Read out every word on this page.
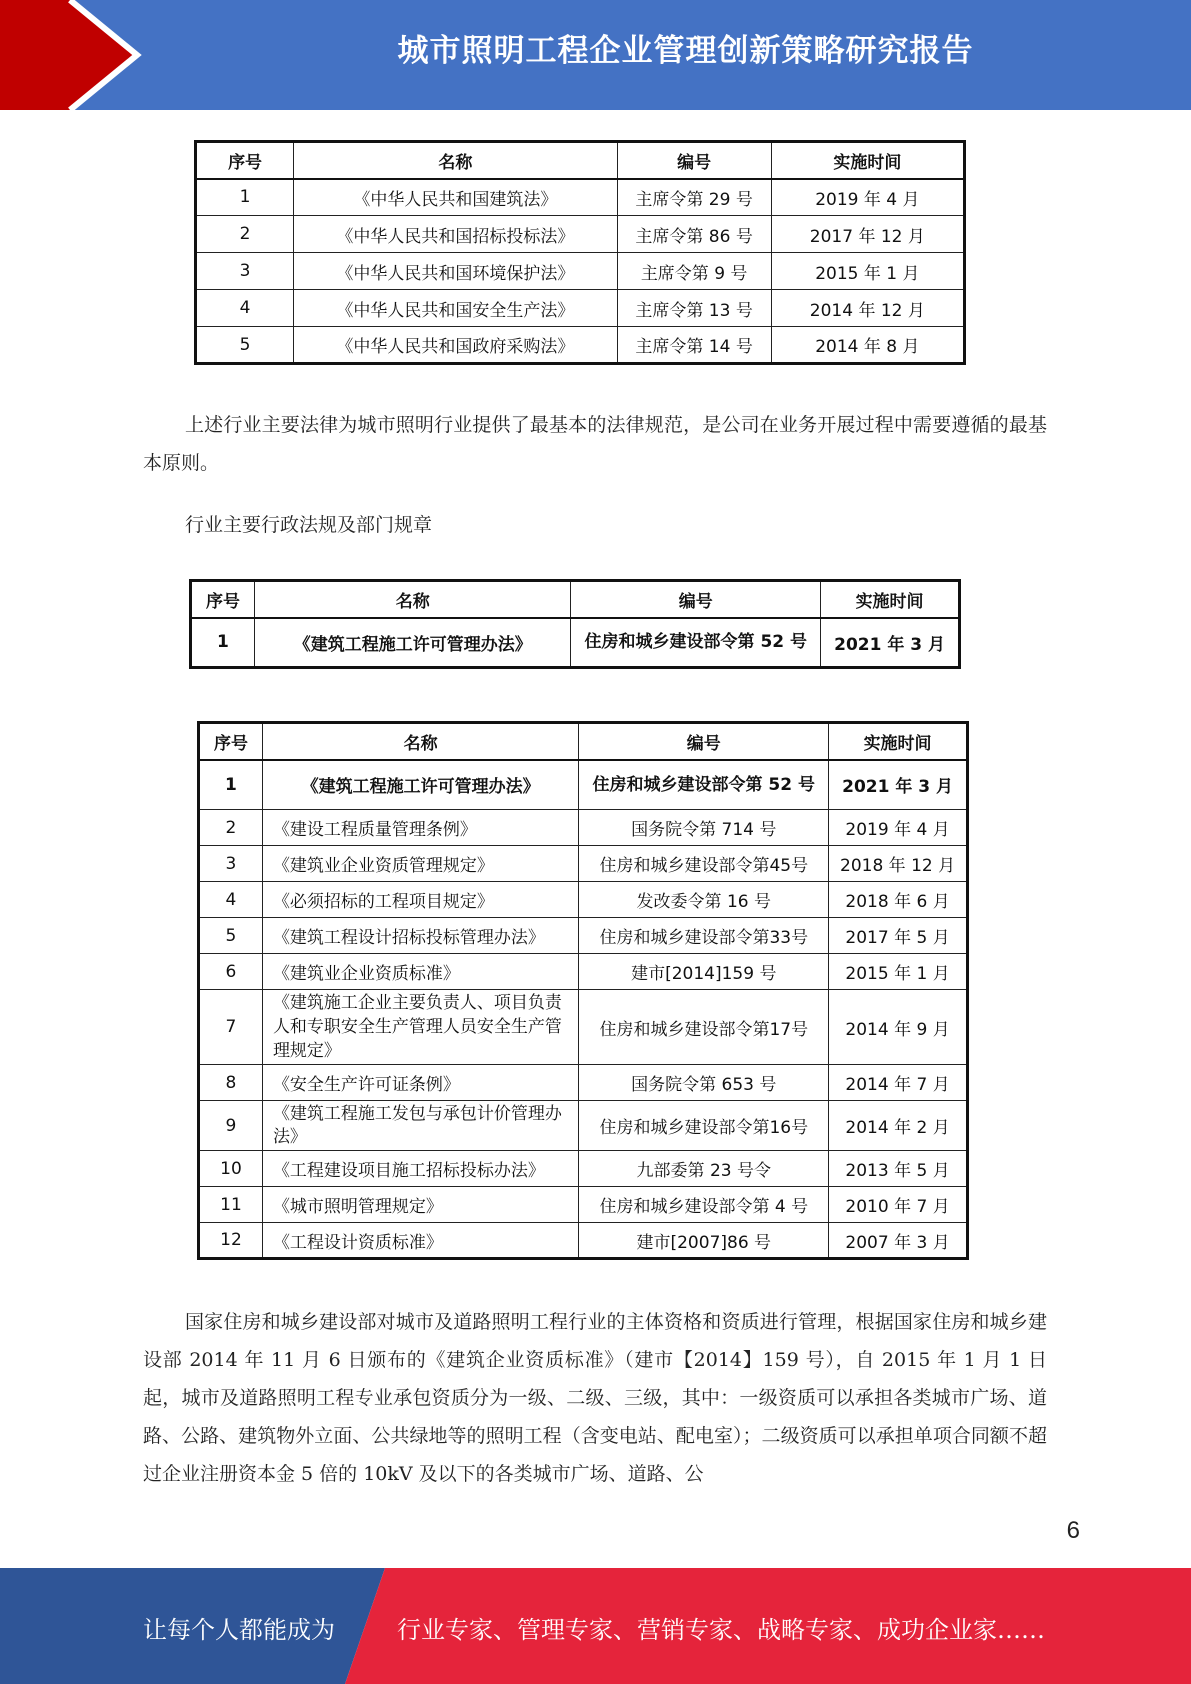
城市照明工程企业管理创新策略研究报告
序号	名称	编号	实施时间
1	《中华人民共和国建筑法》	主席令第 29 号	2019 年 4 月
2	《中华人民共和国招标投标法》	主席令第 86 号	2017 年 12 月
3	《中华人民共和国环境保护法》	主席令第 9 号	2015 年 1 月
4	《中华人民共和国安全生产法》	主席令第 13 号	2014 年 12 月
5	《中华人民共和国政府采购法》	主席令第 14 号	2014 年 8 月
上述行业主要法律为城市照明行业提供了最基本的法律规范，是公司在业务开展过程中需要遵循的最基本原则。
行业主要行政法规及部门规章
序号	名称	编号	实施时间
1	《建筑工程施工许可管理办法》	住房和城乡建设部令第 52 号	2021 年 3 月
序号	名称	编号	实施时间
1	《建筑工程施工许可管理办法》	住房和城乡建设部令第 52 号	2021 年 3 月
2	《建设工程质量管理条例》	国务院令第 714 号	2019 年 4 月
3	《建筑业企业资质管理规定》	住房和城乡建设部令第45号	2018 年 12 月
4	《必须招标的工程项目规定》	发改委令第 16 号	2018 年 6 月
5	《建筑工程设计招标投标管理办法》	住房和城乡建设部令第33号	2017 年 5 月
6	《建筑业企业资质标准》	建市[2014]159 号	2015 年 1 月
7	《建筑施工企业主要负责人、项目负责人和专职安全生产管理人员安全生产管理规定》	住房和城乡建设部令第17号	2014 年 9 月
8	《安全生产许可证条例》	国务院令第 653 号	2014 年 7 月
9	《建筑工程施工发包与承包计价管理办法》	住房和城乡建设部令第16号	2014 年 2 月
10	《工程建设项目施工招标投标办法》	九部委第 23 号令	2013 年 5 月
11	《城市照明管理规定》	住房和城乡建设部令第 4 号	2010 年 7 月
12	《工程设计资质标准》	建市[2007]86 号	2007 年 3 月
国家住房和城乡建设部对城市及道路照明工程行业的主体资格和资质进行管理，根据国家住房和城乡建设部 2014 年 11 月 6 日颁布的《建筑企业资质标准》（建市【2014】159 号），自 2015 年 1 月 1 日起，城市及道路照明工程专业承包资质分为一级、二级、三级，其中：一级资质可以承担各类城市广场、道路、公路、建筑物外立面、公共绿地等的照明工程（含变电站、配电室）；二级资质可以承担单项合同额不超过企业注册资本金 5 倍的 10kV 及以下的各类城市广场、道路、公
6
让每个人都能成为	行业专家、管理专家、营销专家、战略专家、成功企业家……
